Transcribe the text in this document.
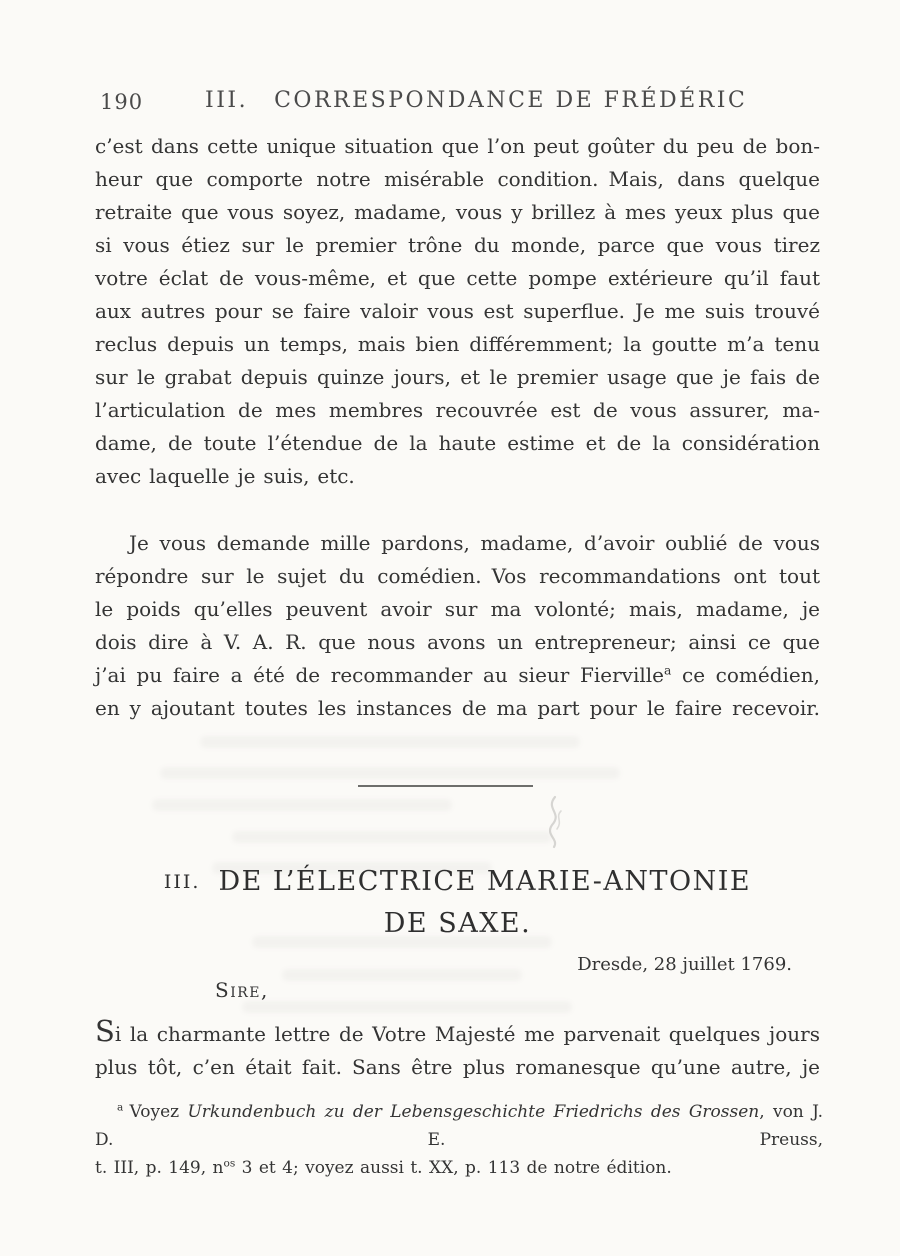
190	III. CORRESPONDANCE DE FRÉDÉRIC
c’est dans cette unique situation que l’on peut goûter du peu de bon-
heur que comporte notre misérable condition. Mais, dans quelque
retraite que vous soyez, madame, vous y brillez à mes yeux plus que
si vous étiez sur le premier trône du monde, parce que vous tirez
votre éclat de vous-même, et que cette pompe extérieure qu’il faut
aux autres pour se faire valoir vous est superflue. Je me suis trouvé
reclus depuis un temps, mais bien différemment; la goutte m’a tenu
sur le grabat depuis quinze jours, et le premier usage que je fais de
l’articulation de mes membres recouvrée est de vous assurer, ma-
dame, de toute l’étendue de la haute estime et de la considération
avec laquelle je suis, etc.
Je vous demande mille pardons, madame, d’avoir oublié de vous
répondre sur le sujet du comédien. Vos recommandations ont tout
le poids qu’elles peuvent avoir sur ma volonté; mais, madame, je
dois dire à V. A. R. que nous avons un entrepreneur; ainsi ce que
j’ai pu faire a été de recommander au sieur Fierville$^a$ ce comédien,
en y ajoutant toutes les instances de ma part pour le faire recevoir.
III. DE L’ÉLECTRICE MARIE-ANTONIE
DE SAXE.
Dresde, 28 juillet 1769.
Sire,
Si la charmante lettre de Votre Majesté me parvenait quelques jours
plus tôt, c’en était fait. Sans être plus romanesque qu’une autre, je
$^a$ Voyez Urkundenbuch zu der Lebensgeschichte Friedrichs des Grossen, von J. D. E. Preuss,
t. III, p. 149, $n^{os}$ 3 et 4; voyez aussi t. XX, p. 113 de notre édition.
